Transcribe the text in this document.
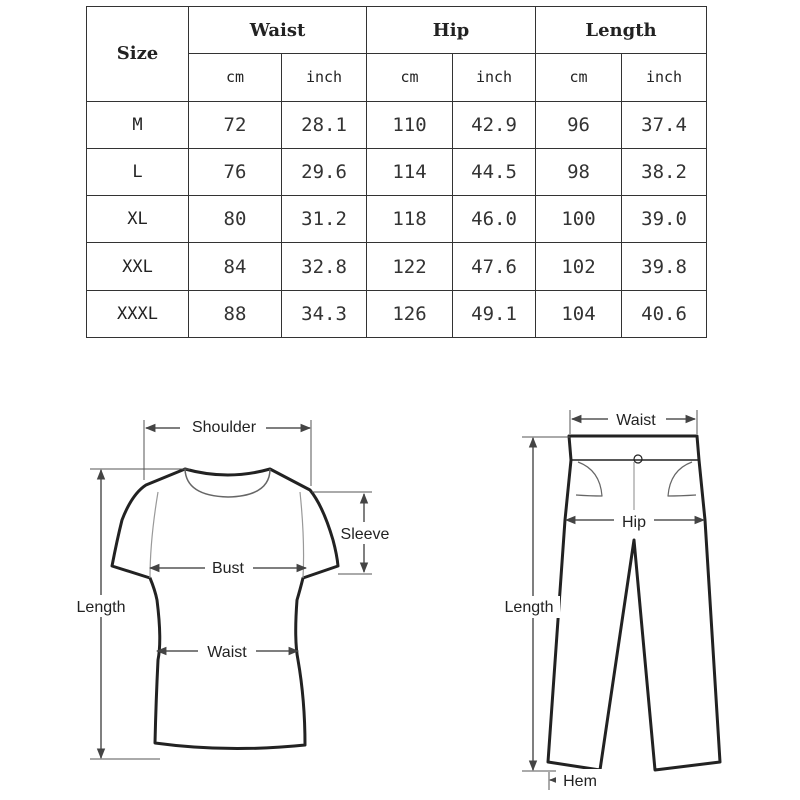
Size	Waist		Hip		Length	
	cm	inch	cm	inch	cm	inch
M	72	28.1	110	42.9	96	37.4
L	76	29.6	114	44.5	98	38.2
XL	80	31.2	118	46.0	100	39.0
XXL	84	32.8	122	47.6	102	39.8
XXXL	88	34.3	126	49.1	104	40.6
Shoulder
Sleeve
Bust
Waist
Length
Waist
Hip
Length
Hem
